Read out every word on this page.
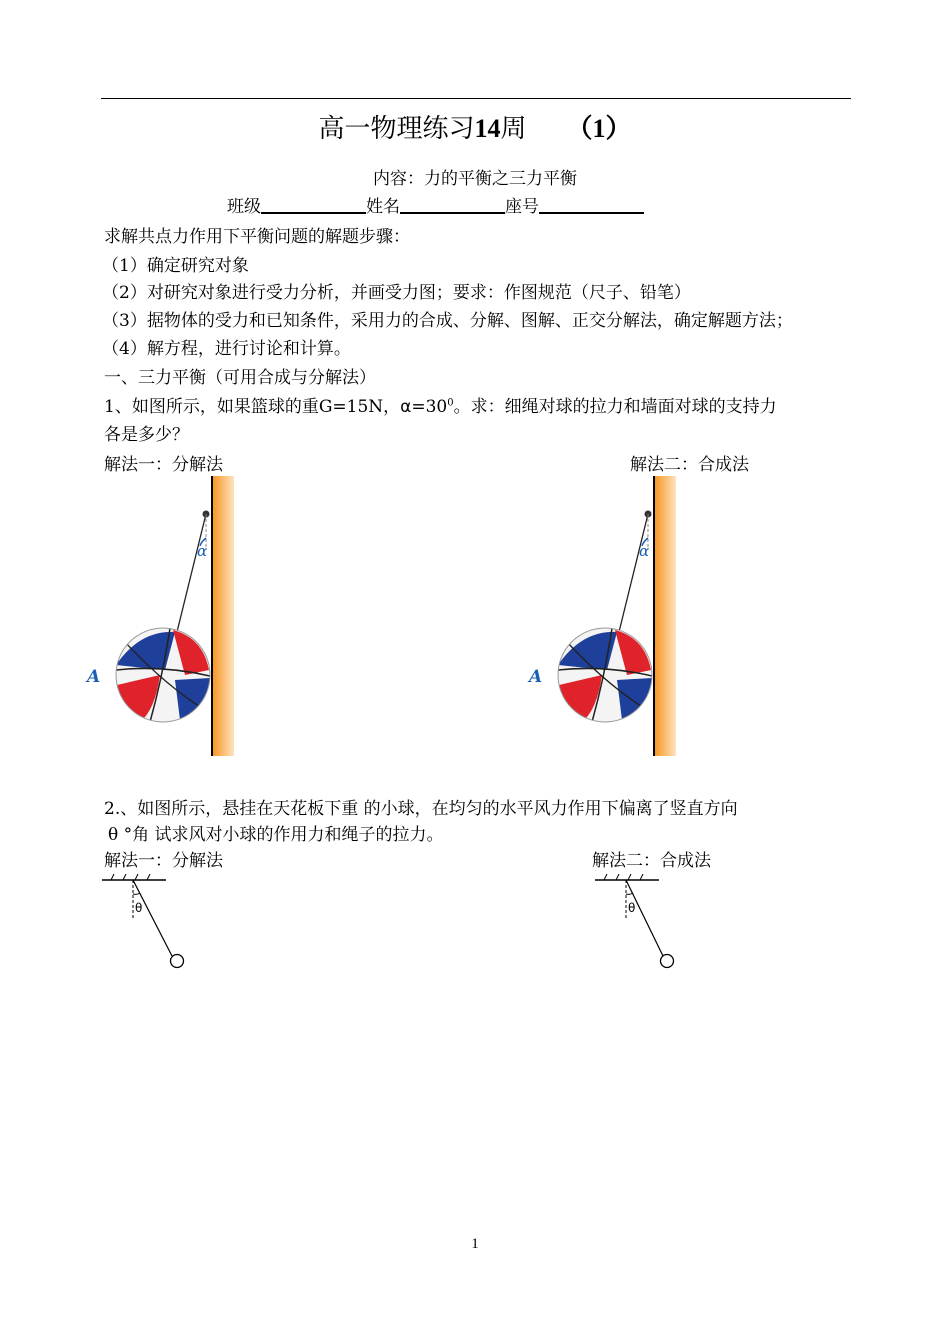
高一物理练习14周 （1）
内容：力的平衡之三力平衡
班级	姓名	座号
求解共点力作用下平衡问题的解题步骤：
（1）确定研究对象
（2）对研究对象进行受力分析，并画受力图；要求：作图规范（尺子、铅笔）
（3）据物体的受力和已知条件，采用力的合成、分解、图解、正交分解法，确定解题方法；
（4）解方程，进行讨论和计算。
一、三力平衡（可用合成与分解法）
1、如图所示，如果篮球的重G=15N，$\alpha=30^0$。求：细绳对球的拉力和墙面对球的支持力
各是多少？
解法一：分解法	解法二：合成法
α
A
α
A
2.、如图所示，悬挂在天花板下重 的小球，在均匀的水平风力作用下偏离了竖直方向
θ °角 试求风对小球的作用力和绳子的拉力。
解法一：分解法	解法二：合成法
θ	θ
1
